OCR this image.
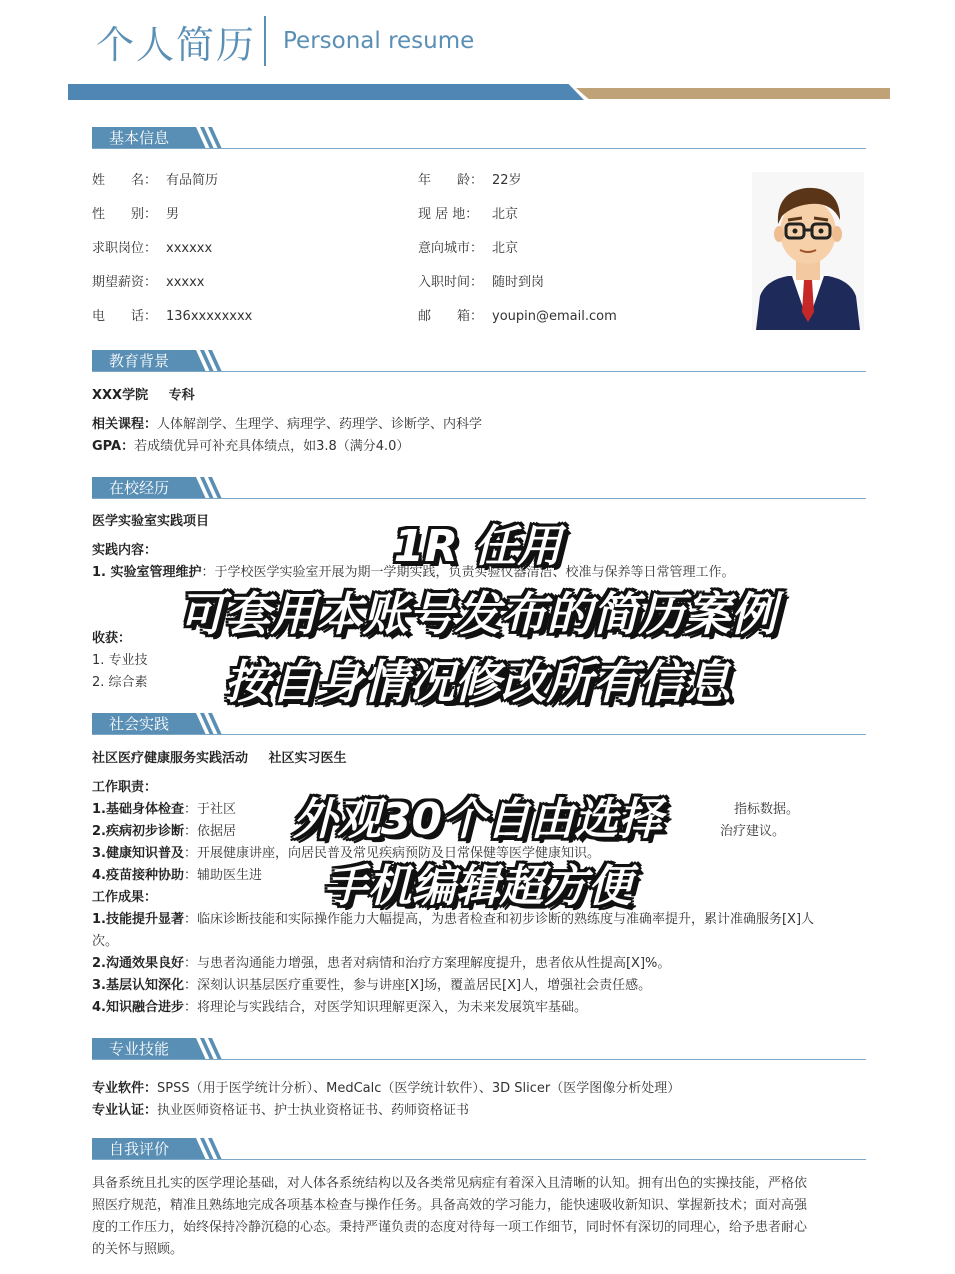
个人简历 Personal resume
基本信息
姓　　名： 有品简历	年　　龄： 22岁
性　　别： 男	现 居 地： 北京
求职岗位： xxxxxx	意向城市： 北京
期望薪资： xxxxx	入职时间： 随时到岗
电　　话： 136xxxxxxxx	邮　　箱： youpin@email.com
教育背景
XXX学院 专科
相关课程：人体解剖学、生理学、病理学、药理学、诊断学、内科学
GPA：若成绩优异可补充具体绩点，如3.8（满分4.0）
在校经历
医学实验室实践项目
实践内容：
1. 实验室管理维护：于学校医学实验室开展为期一学期实践，负责实验仪器清洁、校准与保养等日常管理工作。
收获：
1. 专业技
2. 综合素
社会实践
社区医疗健康服务实践活动 社区实习医生
工作职责：
1.基础身体检查：于社区	指标数据。
2.疾病初步诊断：依据居	治疗建议。
3.健康知识普及：开展健康讲座，向居民普及常见疾病预防及日常保健等医学健康知识。
4.疫苗接种协助：辅助医生进
工作成果：
1.技能提升显著：临床诊断技能和实际操作能力大幅提高，为患者检查和初步诊断的熟练度与准确率提升，累计准确服务[X]人
次。
2.沟通效果良好：与患者沟通能力增强，患者对病情和治疗方案理解度提升，患者依从性提高[X]%。
3.基层认知深化：深刻认识基层医疗重要性，参与讲座[X]场，覆盖居民[X]人，增强社会责任感。
4.知识融合进步：将理论与实践结合，对医学知识理解更深入，为未来发展筑牢基础。
专业技能
专业软件：SPSS（用于医学统计分析）、MedCalc（医学统计软件）、3D Slicer（医学图像分析处理）
专业认证：执业医师资格证书、护士执业资格证书、药师资格证书
自我评价
具备系统且扎实的医学理论基础，对人体各系统结构以及各类常见病症有着深入且清晰的认知。拥有出色的实操技能，严格依
照医疗规范，精准且熟练地完成各项基本检查与操作任务。具备高效的学习能力，能快速吸收新知识、掌握新技术；面对高强
度的工作压力，始终保持冷静沉稳的心态。秉持严谨负责的态度对待每一项工作细节，同时怀有深切的同理心，给予患者耐心
的关怀与照顾。
1R 任用
可套用本账号发布的简历案例
按自身情况修改所有信息
外观30个自由选择
手机编辑超方便
